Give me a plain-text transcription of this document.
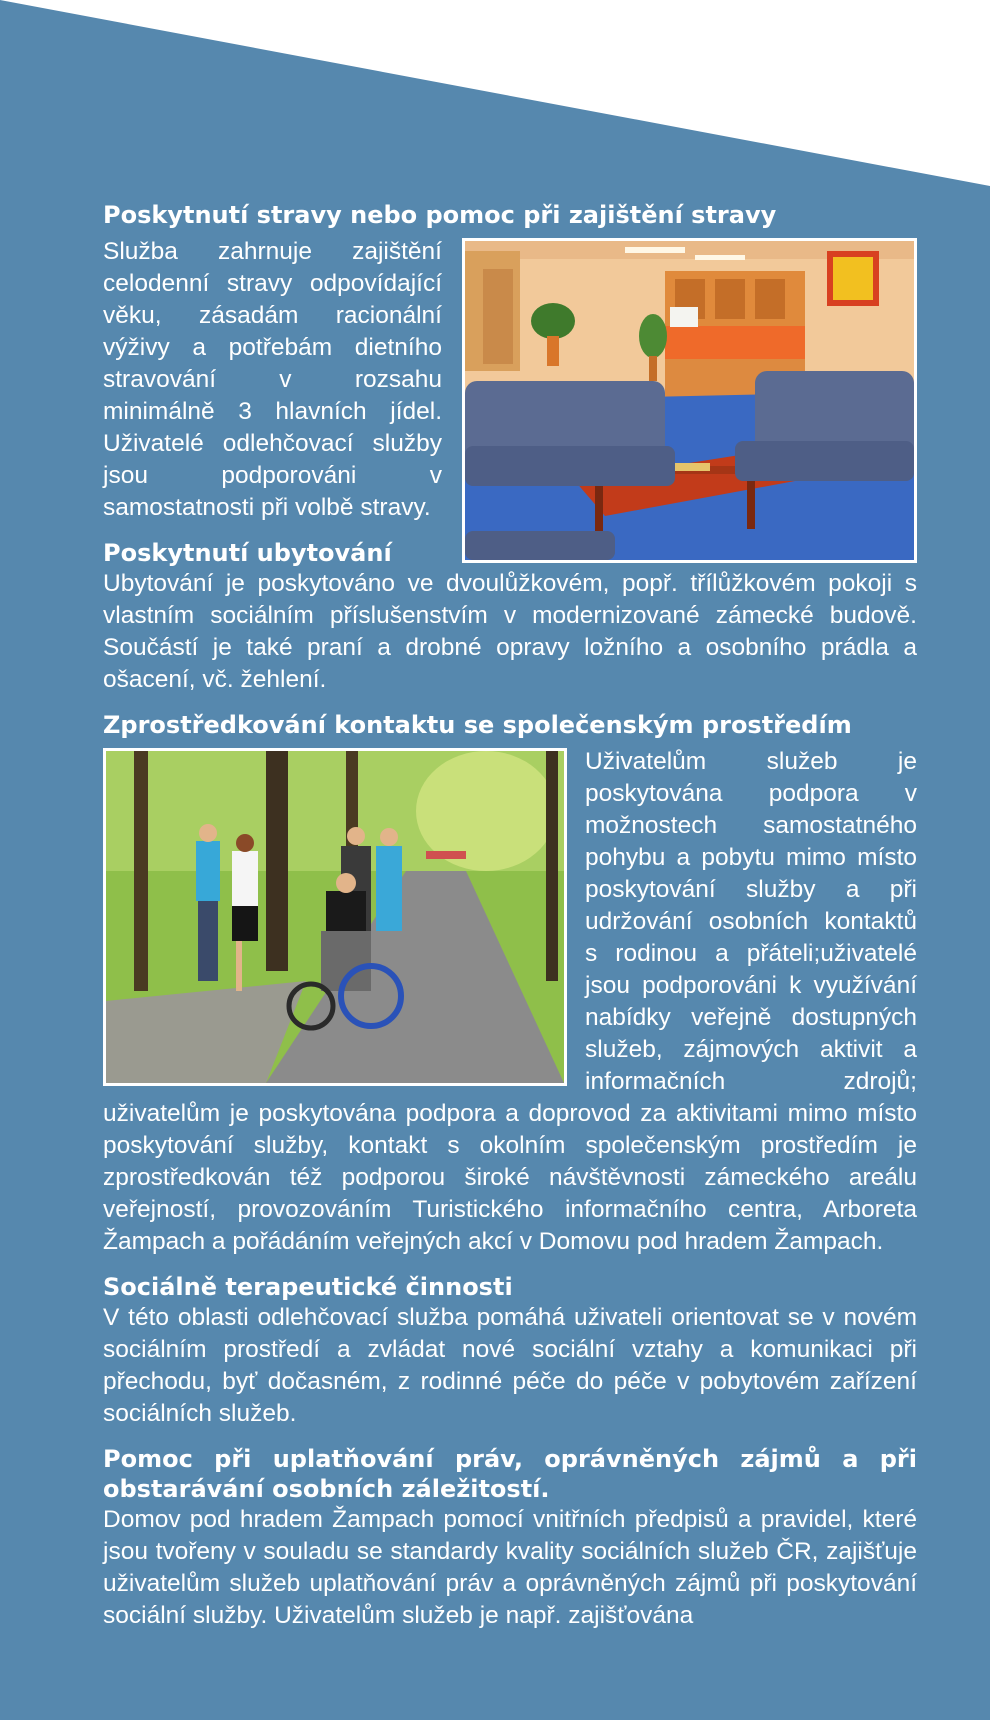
Poskytnutí stravy nebo pomoc při zajištění stravy

Služba zahrnuje zajištění celodenní stravy odpovídající věku, zásadám racionální výživy a potřebám dietního stravování v rozsahu minimálně 3 hlavních jídel. Uživatelé odlehčovací služby jsou podporováni v samostatnosti při volbě stravy.

Poskytnutí ubytování

Ubytování je poskytováno ve dvoulůžkovém, popř. třílůžkovém pokoji s vlastním sociálním příslušenstvím v modernizované zámecké budově. Součástí je také praní a drobné opravy ložního a osobního prádla a ošacení, vč. žehlení.

Zprostředkování kontaktu se společenským prostředím

Uživatelům služeb je poskytována podpora v možnostech samostatného pohybu a pobytu mimo místo poskytování služby a při udržování osobních kontaktů s rodinou a přáteli;uživatelé jsou podporováni k využívání nabídky veřejně dostupných služeb, zájmových aktivit a informačních zdrojů; uživatelům je poskytována podpora a doprovod za aktivitami mimo místo poskytování služby, kontakt s okolním společenským prostředím je zprostředkován též podporou široké návštěvnosti zámeckého areálu veřejností, provozováním Turistického informačního centra, Arboreta Žampach a pořádáním veřejných akcí v Domovu pod hradem Žampach.

Sociálně terapeutické činnosti

V této oblasti odlehčovací služba pomáhá uživateli orientovat se v novém sociálním prostředí a zvládat nové sociální vztahy a komunikaci při přechodu, byť dočasném, z rodinné péče do péče v pobytovém zařízení sociálních služeb.

Pomoc při uplatňování práv, oprávněných zájmů a při obstarávání osobních záležitostí.

Domov pod hradem Žampach pomocí vnitřních předpisů a pravidel, které jsou tvořeny v souladu se standardy kvality sociálních služeb ČR, zajišťuje uživatelům služeb uplatňování práv a oprávněných zájmů při poskytování sociální služby. Uživatelům služeb je např. zajišťována
